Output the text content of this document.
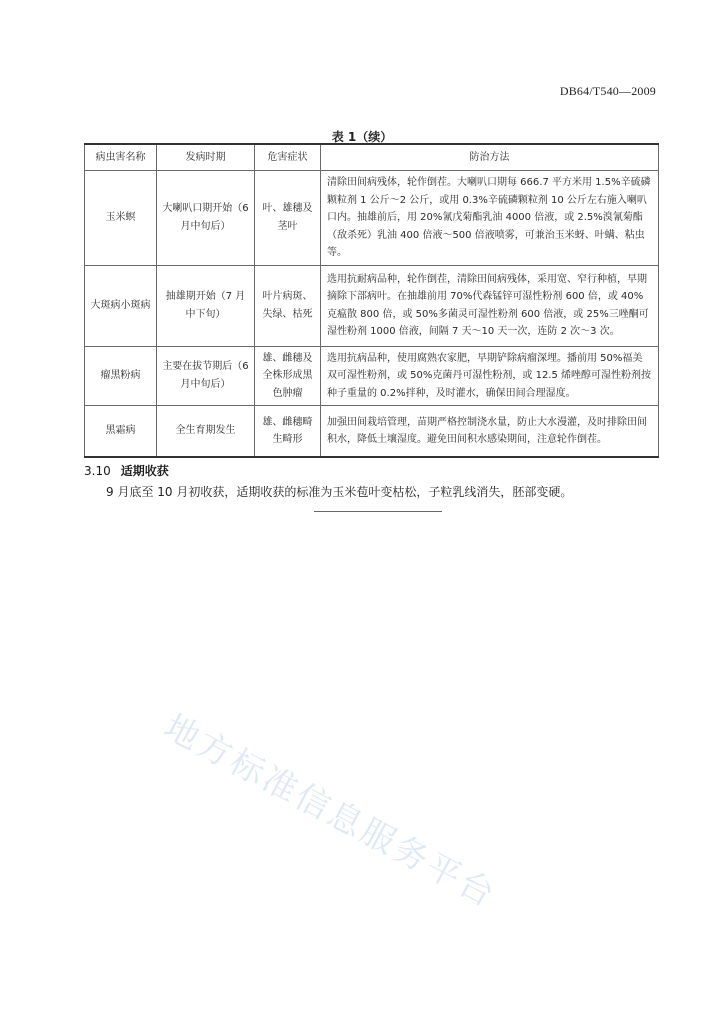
DB64/T540—2009
表 1（续）
病虫害名称	发病时期	危害症状	防治方法
玉米螟	大喇叭口期开始（6 月中旬后）	叶、雄穗及茎叶	清除田间病残体，轮作倒茬。大喇叭口期每 666.7 平方米用 1.5%辛硫磷颗粒剂 1 公斤～2 公斤，或用 0.3%辛硫磷颗粒剂 10 公斤左右施入喇叭口内。抽雄前后，用 20%氰戊菊酯乳油 4000 倍液，或 2.5%溴氰菊酯（敌杀死）乳油 400 倍液～500 倍液喷雾，可兼治玉米蚜、叶螨、粘虫等。
大斑病小斑病	抽雄期开始（7 月中下旬）	叶片病斑、失绿、枯死	选用抗耐病品种，轮作倒茬，清除田间病残体，采用宽、窄行种植，早期摘除下部病叶。在抽雄前用 70%代森锰锌可湿性粉剂 600 倍，或 40%克瘟散 800 倍，或 50%多菌灵可湿性粉剂 600 倍液，或 25%三唑酮可湿性粉剂 1000 倍液，间隔 7 天～10 天一次，连防 2 次～3 次。
瘤黑粉病	主要在拔节期后（6 月中旬后）	雄、雌穗及全株形成黑色肿瘤	选用抗病品种，使用腐熟农家肥，早期铲除病瘤深埋。播前用 50%福美双可湿性粉剂，或 50%克菌丹可湿性粉剂，或 12.5 烯唑醇可湿性粉剂按种子重量的 0.2%拌种，及时灌水，确保田间合理湿度。
黑霜病	全生育期发生	雄、雌穗畸生畸形	加强田间栽培管理，苗期严格控制浇水量，防止大水漫灌，及时排除田间积水，降低土壤湿度。避免田间积水感染期间，注意轮作倒茬。
3.10 适期收获
9 月底至 10 月初收获，适期收获的标准为玉米苞叶变枯松，子粒乳线消失，胚部变硬。
地方标准信息服务平台
